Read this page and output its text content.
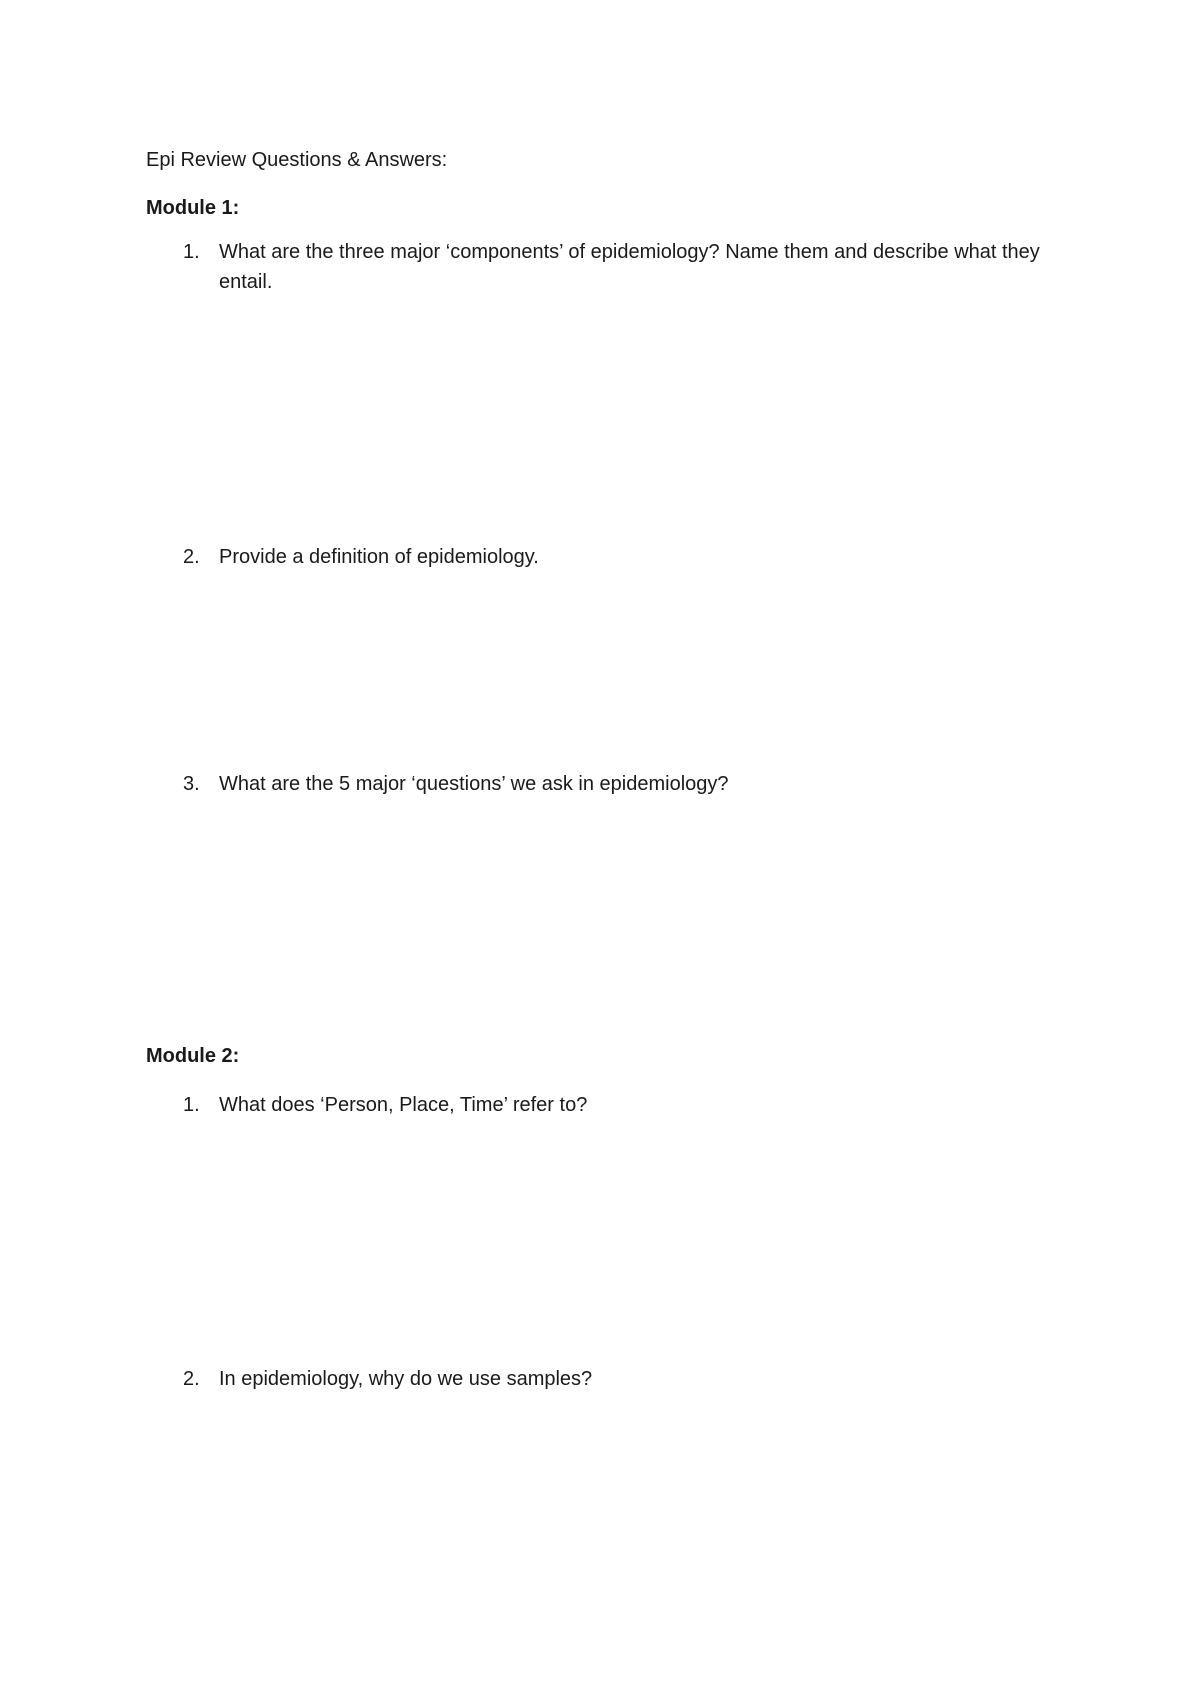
Epi Review Questions & Answers:
Module 1:
1. What are the three major ‘components’ of epidemiology? Name them and describe what they entail.
2. Provide a definition of epidemiology.
3. What are the 5 major ‘questions’ we ask in epidemiology?
Module 2:
1. What does ‘Person, Place, Time’ refer to?
2. In epidemiology, why do we use samples?
